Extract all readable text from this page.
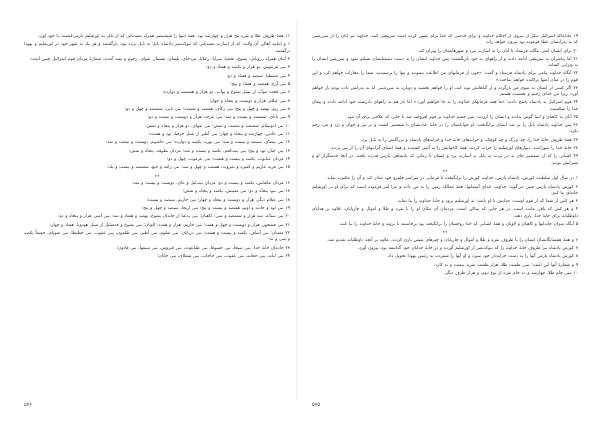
۱۹ ماداماکه اسرائیل دیگر از پیروی از احکام خداوند و برای خدمتی که خدا برای تعیین کرده است سرپیچی کنند، خداوند نیز آنان را از سرزمینی که به پدرانشان عطا فرموده بود بیرون خواهد راند.

۲۰ برای ایشان امتی بیگانه فرستاد تا آنان را به اسارت ببرد و شهرهایشان را ویران کند.

۲۱ اما پیامبران به سرپیچی ادامه دادند و از راههای بد خود بازنگشتند؛ پس خداوند ایشان را به دست دشمنانشان تسلیم نمود و سرزمین ایشان را به ویرانی کشاند.

۲۲ آنگاه خداوند پیامی برای پادشاه فرستاد و گفت: «چون از فرمانهای من اطاعت ننمودید و بتها را پرستیدید، شما را مجازات خواهم کرد و این قوم را در میان امتها پراکنده خواهم ساخت.»

۲۳ اگر کسی از ایشان به سوی من بازگردد و از گناهانش توبه کند، او را خواهم بخشید و دوباره به سرزمینی که به پدرانش داده بودم باز خواهم آورد؛ زیرا من خدای رحیم و بخشنده هستم.

۲۴ قوم اسرائیل به پادشاه پاسخ دادند: «ما همه فرمانهای خداوند را به جا خواهیم آورد.» اما باز هم به راههای نادرست خود ادامه دادند و پیمان خدا را شکستند.

۲۵ آنان به کاهنان و انبیا گوش ندادند و ایشان را آزردند؛ پس خشم خداوند بر قوم افروخته شد تا جایی که علاجی برای آن نبود.

۲۶ پس خداوند پادشاه بابل را بر ضد ایشان برانگیخت. او جوانانشان را در خانهٔ عبادتشان با شمشیر کشت و بر پیر و جوان و زن و مرد رحم نکرد.

۲۷ همهٔ ظروف خانهٔ خدا را، چه بزرگ و چه کوچک، و خزانه‌های خانهٔ خدا و خزانه‌های پادشاه و بزرگانش را به بابل برد.

۲۸ خانهٔ خدا را سوزاندند، دیوارهای اورشلیم را خراب کردند، همهٔ کاخهایش را به آتش کشیدند و همهٔ اشیای گرانبهای آن را از بین بردند.

۲۹ کسانی را که از شمشیر جان به در بردند به بابل به اسارت برد و ایشان تا زمانی که پادشاهی پارس قدرت یافت، در آنجا خدمتگزار او و پسرانش بودند.

٭٭

۱ در سال اول سلطنت کورش، پادشاه پارس، خداوند کورش را برانگیخت تا فرمانی در سراسر قلمرو خود صادر کند و آن را مکتوب نماید.

۲ کورش پادشاه پارس چنین می‌گوید: خداوند، خدای آسمانها، همهٔ ممالک زمین را به من داده و مرا امر فرموده است که برای او در اورشلیم خانه‌ای بنا کنم.

۳ هر کس از شما که از قوم اوست، خدایش با او باشد؛ به اورشلیم برود و خانهٔ خداوند را بنا نماید.

۴ و هر کس که باقی مانده است، در هر جایی که ساکن است، مردمان آن مکان او را با نقره و طلا و اموال و چارپایان، علاوه بر هدایای داوطلبانه برای خانهٔ خدا، یاری دهند.

۵ آنگاه سران خاندانها و کاهنان و لاویان و همهٔ کسانی که خدا روحشان را برانگیخته بود برخاستند تا بروند و خانهٔ خداوند را بنا کنند.

٭٭

۶ و همهٔ همسایگانشان ایشان را با ظروف نقره و طلا و اموال و چارپایان و چیزهای نفیس یاری کردند، علاوه بر آنچه داوطلبانه تقدیم شد.

۷ کورش پادشاه نیز ظروف خانهٔ خداوند را که نبوکدنصر از اورشلیم آورده و در خانهٔ خدایان خود گذاشته بود، بیرون آورد.

۸ کورش پادشاه پارس آنها را به دست خزانه‌دار خود سپرد و او آنها را شمرده، به رئیس یهودا تحویل داد.

۹ و شمارهٔ آنها این است: سی طشت طلا، هزار طشت نقره، بیست و نه کارد،

۱۰ سی جام طلا، چهارصد و ده جام نقره از نوع دوم، و هزار ظرف دیگر.

۱۱ همهٔ ظروف طلا و نقره پنج هزار و چهارصد بود. همهٔ اینها را شیشبصر همراه تبعیدیانی که از بابل به اورشلیم بازمی‌گشتند، با خود آورد.

۱ و اینانند اهالی آن ولایت که از اسارتِ تبعیدیانی که نبوکدنصر پادشاه بابل به بابل برده بود، بازگشتند و هر یک به شهر خود در اورشلیم و یهودا برگشتند.

۲ اینان همراه زروبابل، یشوع، نحمیا، سرایا، رعلایا، مردخای، بلشان، مسفار، بغوای، رحوم و بعنه آمدند. شمارهٔ مردان قوم اسرائیل چنین است:

۳ بنی فرعوش، دو هزار و یکصد و هفتاد و دو؛

۴ بنی شفطیا، سیصد و هفتاد و دو؛

۵ بنی آرح، هفتصد و هفتاد و پنج؛

۶ بنی فحت موآب از نسل یشوع و یوآب، دو هزار و هشتصد و دوازده؛

۷ بنی عیلام، هزار و دویست و پنجاه و چهار؛

۸ بنی زتو، نهصد و چهل و پنج؛ بنی زکای، هفتصد و شصت؛ بنی بانی، ششصد و چهل و دو؛

۹ بنی بابای، ششصد و بیست و سه؛ بنی عزجد، هزار و دویست و بیست و دو؛

۱۰ بنی ادونیقام، ششصد و شصت و شش؛ بنی بغوای، دو هزار و پنجاه و شش؛

۱۱ بنی عادین، چهارصد و پنجاه و چهار؛ بنی آطیر از نسل حزقیا، نود و هشت؛

۱۲ بنی بیصای، سیصد و بیست و سه؛ بنی یوره، یکصد و دوازده؛ بنی حاشوم، دویست و بیست و سه؛

۱۳ بنی جبار، نود و پنج؛ بنی بیت‌لحم، یکصد و بیست و سه؛ مردان نطوفه، پنجاه و شش؛

۱۴ مردان عناتوت، یکصد و بیست و هشت؛ بنی عزموت، چهل و دو؛

۱۵ بنی قریه عاریم و کفیره و بئیروت، هفتصد و چهل و سه؛ بنی رامه و جبع، ششصد و بیست و یک؛

٭٭

۱۶ مردان مکماس، یکصد و بیست و دو؛ مردان بیت‌ئیل و عای، دویست و بیست و سه؛

۱۷ بنی نبو، پنجاه و دو؛ بنی مغبیش، یکصد و پنجاه و شش؛

۱۸ بنی عیلام دیگر، هزار و دویست و پنجاه و چهار؛ بنی حاریم، سیصد و بیست؛

۱۹ بنی لود و حادید و اونو، هفتصد و بیست و پنج؛ بنی اریحا، سیصد و چهل و پنج؛

۲۰ بنی سنائه، سه هزار و ششصد و سی؛ کاهنان: بنی یدعیا از خاندان یشوع، نهصد و هفتاد و سه؛ بنی امیر، هزار و پنجاه و دو؛

۲۱ بنی فشحور، هزار و دویست و چهل و هفت؛ بنی حاریم، هزار و هفده؛ لاویان: بنی یشوع و قدمیئیل از نسل هودویا، هفتاد و چهار؛

۲۲ مغنیان: بنی آساف، یکصد و بیست و هشت؛ بنی دربانان: بنی شلوم، بنی آطیر، بنی طلمون، بنی عقوب، بنی حطیطا، بنی شوبای، جمیعاً یکصد و سی و نه؛

۲۳ خادمان خانهٔ خدا: بنی صیحا، بنی حسوفا، بنی طباعوت، بنی قیروس، بنی سیعها، بنی فادون؛

۲۴ بنی لبانه، بنی حجابه، بنی عقوب، بنی حاجاب، بنی شملای، بنی حانان؛

۵۷۶	۵۷۵
